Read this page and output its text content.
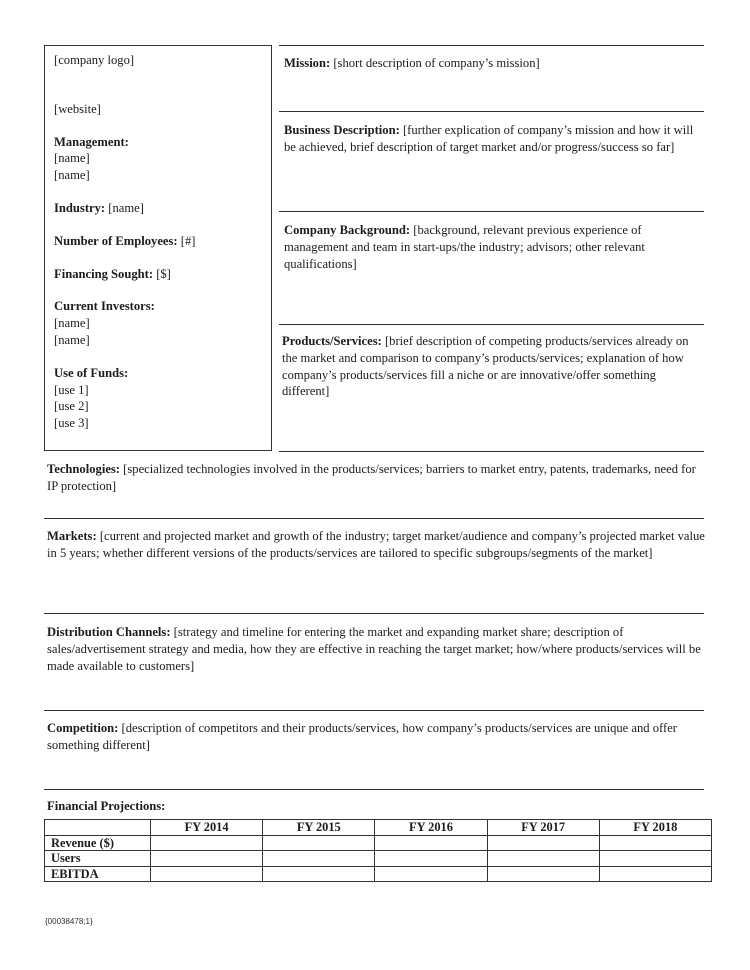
[company logo]
[website]
Management:
[name]
[name]
Industry: [name]
Number of Employees: [#]
Financing Sought: [$]
Current Investors:
[name]
[name]
Use of Funds:
[use 1]
[use 2]
[use 3]
Mission: [short description of company’s mission]
Business Description: [further explication of company’s mission and how it will be achieved, brief description of target market and/or progress/success so far]
Company Background: [background, relevant previous experience of management and team in start-ups/the industry; advisors; other relevant qualifications]
Products/Services: [brief description of competing products/services already on the market and comparison to company’s products/services; explanation of how company’s products/services fill a niche or are innovative/offer something different]
Technologies: [specialized technologies involved in the products/services; barriers to market entry, patents, trademarks, need for IP protection]
Markets: [current and projected market and growth of the industry; target market/audience and company’s projected market value in 5 years; whether different versions of the products/services are tailored to specific subgroups/segments of the market]
Distribution Channels: [strategy and timeline for entering the market and expanding market share; description of sales/advertisement strategy and media, how they are effective in reaching the target market; how/where products/services will be made available to customers]
Competition: [description of competitors and their products/services, how company’s products/services are unique and offer something different]
Financial Projections:
	FY 2014	FY 2015	FY 2016	FY 2017	FY 2018
Revenue ($)					
Users					
EBITDA					
{00038478;1}
